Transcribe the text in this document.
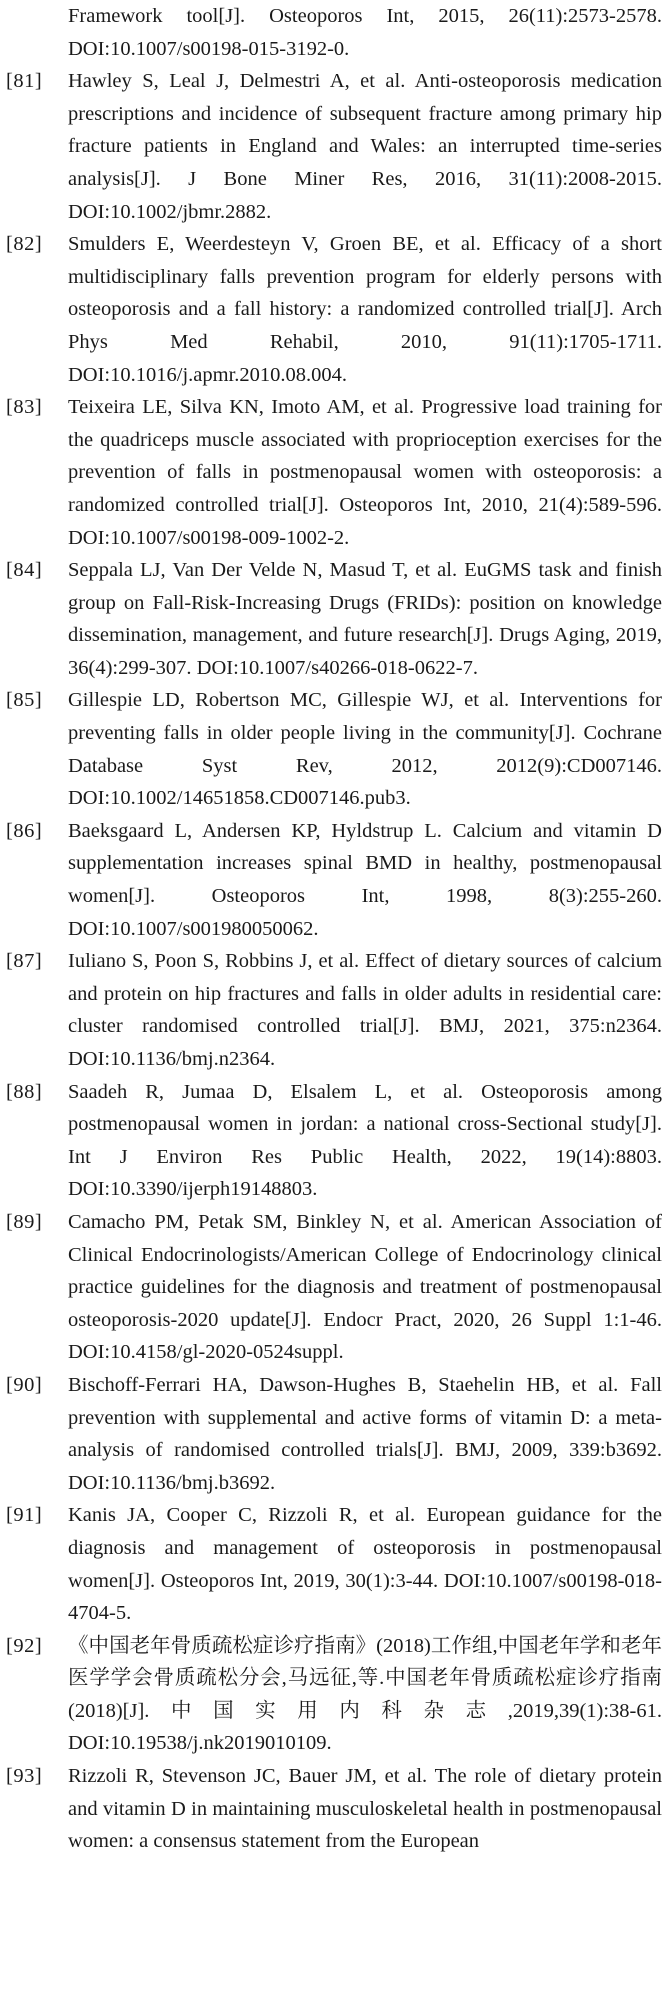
Framework tool[J]. Osteoporos Int, 2015, 26(11):2573-2578. DOI:10.1007/s00198-015-3192-0.
[81]	Hawley S, Leal J, Delmestri A, et al. Anti-osteoporosis medication prescriptions and incidence of subsequent fracture among primary hip fracture patients in England and Wales: an interrupted time-series analysis[J]. J Bone Miner Res, 2016, 31(11):2008-2015. DOI:10.1002/jbmr.2882.
[82]	Smulders E, Weerdesteyn V, Groen BE, et al. Efficacy of a short multidisciplinary falls prevention program for elderly persons with osteoporosis and a fall history: a randomized controlled trial[J]. Arch Phys Med Rehabil, 2010, 91(11):1705-1711. DOI:10.1016/j.apmr.2010.08.004.
[83]	Teixeira LE, Silva KN, Imoto AM, et al. Progressive load training for the quadriceps muscle associated with proprioception exercises for the prevention of falls in postmenopausal women with osteoporosis: a randomized controlled trial[J]. Osteoporos Int, 2010, 21(4):589-596. DOI:10.1007/s00198-009-1002-2.
[84]	Seppala LJ, Van Der Velde N, Masud T, et al. EuGMS task and finish group on Fall-Risk-Increasing Drugs (FRIDs): position on knowledge dissemination, management, and future research[J]. Drugs Aging, 2019, 36(4):299-307. DOI:10.1007/s40266-018-0622-7.
[85]	Gillespie LD, Robertson MC, Gillespie WJ, et al. Interventions for preventing falls in older people living in the community[J]. Cochrane Database Syst Rev, 2012, 2012(9):CD007146. DOI:10.1002/14651858.CD007146.pub3.
[86]	Baeksgaard L, Andersen KP, Hyldstrup L. Calcium and vitamin D supplementation increases spinal BMD in healthy, postmenopausal women[J]. Osteoporos Int, 1998, 8(3):255-260. DOI:10.1007/s001980050062.
[87]	Iuliano S, Poon S, Robbins J, et al. Effect of dietary sources of calcium and protein on hip fractures and falls in older adults in residential care: cluster randomised controlled trial[J]. BMJ, 2021, 375:n2364. DOI:10.1136/bmj.n2364.
[88]	Saadeh R, Jumaa D, Elsalem L, et al. Osteoporosis among postmenopausal women in jordan: a national cross-Sectional study[J]. Int J Environ Res Public Health, 2022, 19(14):8803. DOI:10.3390/ijerph19148803.
[89]	Camacho PM, Petak SM, Binkley N, et al. American Association of Clinical Endocrinologists/American College of Endocrinology clinical practice guidelines for the diagnosis and treatment of postmenopausal osteoporosis-2020 update[J]. Endocr Pract, 2020, 26 Suppl 1:1-46. DOI:10.4158/gl-2020-0524suppl.
[90]	Bischoff-Ferrari HA, Dawson-Hughes B, Staehelin HB, et al. Fall prevention with supplemental and active forms of vitamin D: a meta-analysis of randomised controlled trials[J]. BMJ, 2009, 339:b3692. DOI:10.1136/bmj.b3692.
[91]	Kanis JA, Cooper C, Rizzoli R, et al. European guidance for the diagnosis and management of osteoporosis in postmenopausal women[J]. Osteoporos Int, 2019, 30(1):3-44. DOI:10.1007/s00198-018-4704-5.
[92]	《中国老年骨质疏松症诊疗指南》(2018)工作组,中国老年学和老年医学学会骨质疏松分会,马远征,等.中国老年骨质疏松症诊疗指南(2018)[J].中国实用内科杂志,2019,39(1):38-61. DOI:10.19538/j.nk2019010109.
[93]	Rizzoli R, Stevenson JC, Bauer JM, et al. The role of dietary protein and vitamin D in maintaining musculoskeletal health in postmenopausal women: a consensus statement from the European
